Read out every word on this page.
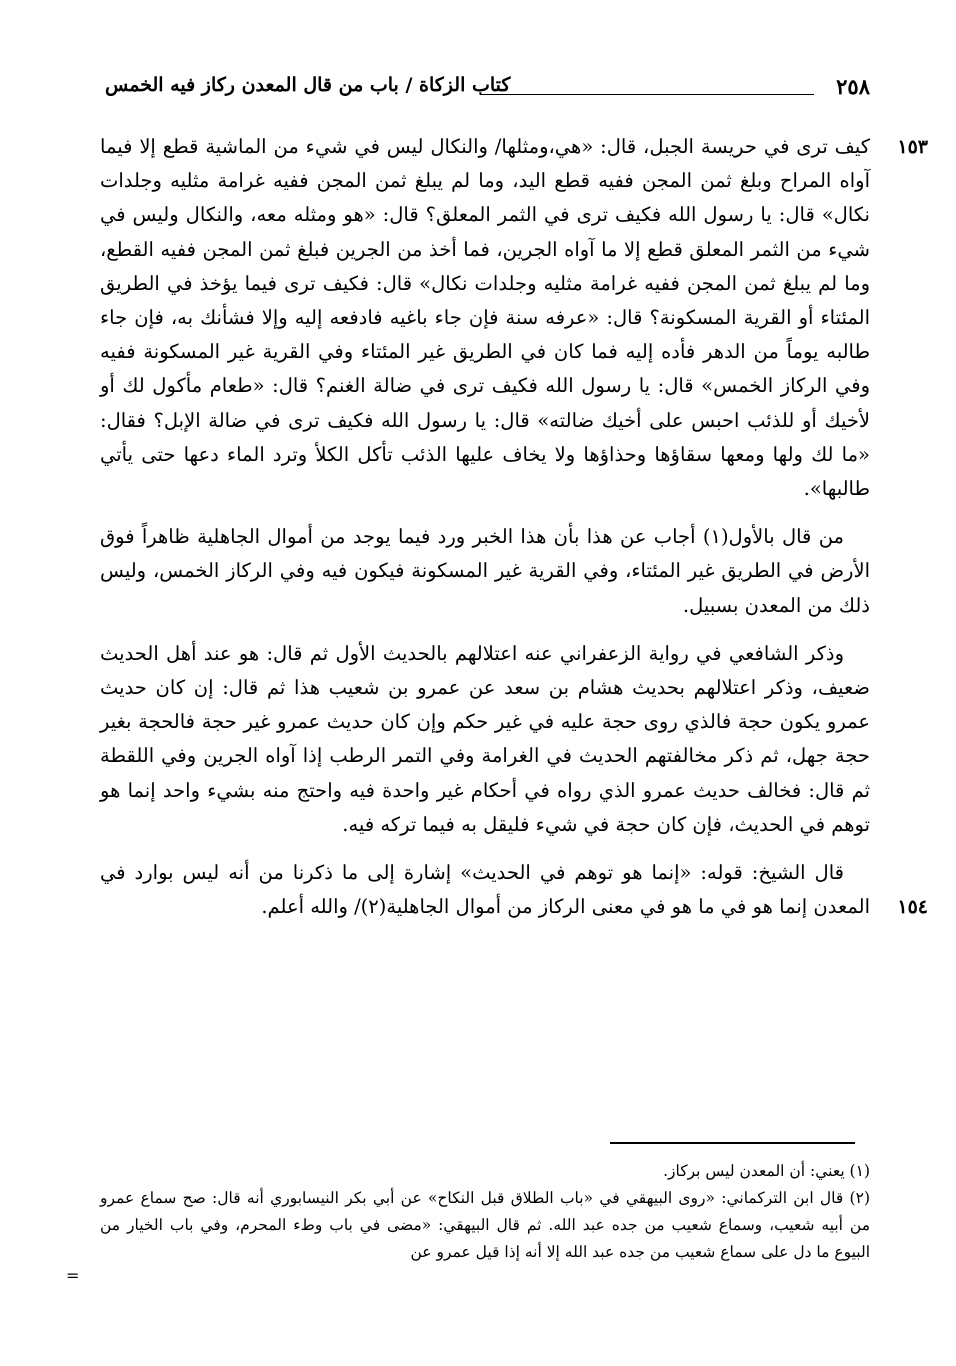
٢٥٨
كتاب الزكاة / باب من قال المعدن ركاز فيه الخمس
١٥٣

كيف ترى في حريسة الجبل، قال: «هي،ومثلها/ والنكال ليس في شيء من الماشية قطع إلا فيما آواه المراح وبلغ ثمن المجن ففيه قطع اليد، وما لم يبلغ ثمن المجن ففيه غرامة مثليه وجلدات نكال» قال: يا رسول الله فكيف ترى في الثمر المعلق؟ قال: «هو ومثله معه، والنكال وليس في شيء من الثمر المعلق قطع إلا ما آواه الجرين، فما أخذ من الجرين فبلغ ثمن المجن ففيه القطع، وما لم يبلغ ثمن المجن ففيه غرامة مثليه وجلدات نكال» قال: فكيف ترى فيما يؤخذ في الطريق المئتاء أو القرية المسكونة؟ قال: «عرفه سنة فإن جاء باغيه فادفعه إليه وإلا فشأنك به، فإن جاء طالبه يوماً من الدهر فأده إليه فما كان في الطريق غير المئتاء وفي القرية غير المسكونة ففيه وفي الركاز الخمس» قال: يا رسول الله فكيف ترى في ضالة الغنم؟ قال: «طعام مأكول لك أو لأخيك أو للذئب احبس على أخيك ضالته» قال: يا رسول الله فكيف ترى في ضالة الإبل؟ فقال: «ما لك ولها ومعها سقاؤها وحذاؤها ولا يخاف عليها الذئب تأكل الكلأ وترد الماء دعها حتى يأتي طالبها».

من قال بالأول(١) أجاب عن هذا بأن هذا الخبر ورد فيما يوجد من أموال الجاهلية ظاهراً فوق الأرض في الطريق غير المئتاء، وفي القرية غير المسكونة فيكون فيه وفي الركاز الخمس، وليس ذلك من المعدن بسبيل.

وذكر الشافعي في رواية الزعفراني عنه اعتلالهم بالحديث الأول ثم قال: هو عند أهل الحديث ضعيف، وذكر اعتلالهم بحديث هشام بن سعد عن عمرو بن شعيب هذا ثم قال: إن كان حديث عمرو يكون حجة فالذي روى حجة عليه في غير حكم وإن كان حديث عمرو غير حجة فالحجة بغير حجة جهل، ثم ذكر مخالفتهم الحديث في الغرامة وفي التمر الرطب إذا آواه الجرين وفي اللقطة ثم قال: فخالف حديث عمرو الذي رواه في أحكام غير واحدة فيه واحتج منه بشيء واحد إنما هو توهم في الحديث، فإن كان حجة في شيء فليقل به فيما تركه فيه.

١٥٤

قال الشيخ: قوله: «إنما هو توهم في الحديث» إشارة إلى ما ذكرنا من أنه ليس بوارد في المعدن إنما هو في ما هو في معنى الركاز من أموال الجاهلية(٢)/ والله أعلم.

(١) يعني: أن المعدن ليس بركاز.

(٢) قال ابن التركماني: «روى البيهقي في «باب الطلاق قبل النكاح» عن أبي بكر النيسابوري أنه قال: صح سماع عمرو من أبيه شعيب، وسماع شعيب من جده عبد الله. ثم قال البيهقي: «مضى في باب وطء المحرم، وفي باب الخيار من البيوع ما دل على سماع شعيب من جده عبد الله إلا أنه إذا قيل عمرو عن

=
